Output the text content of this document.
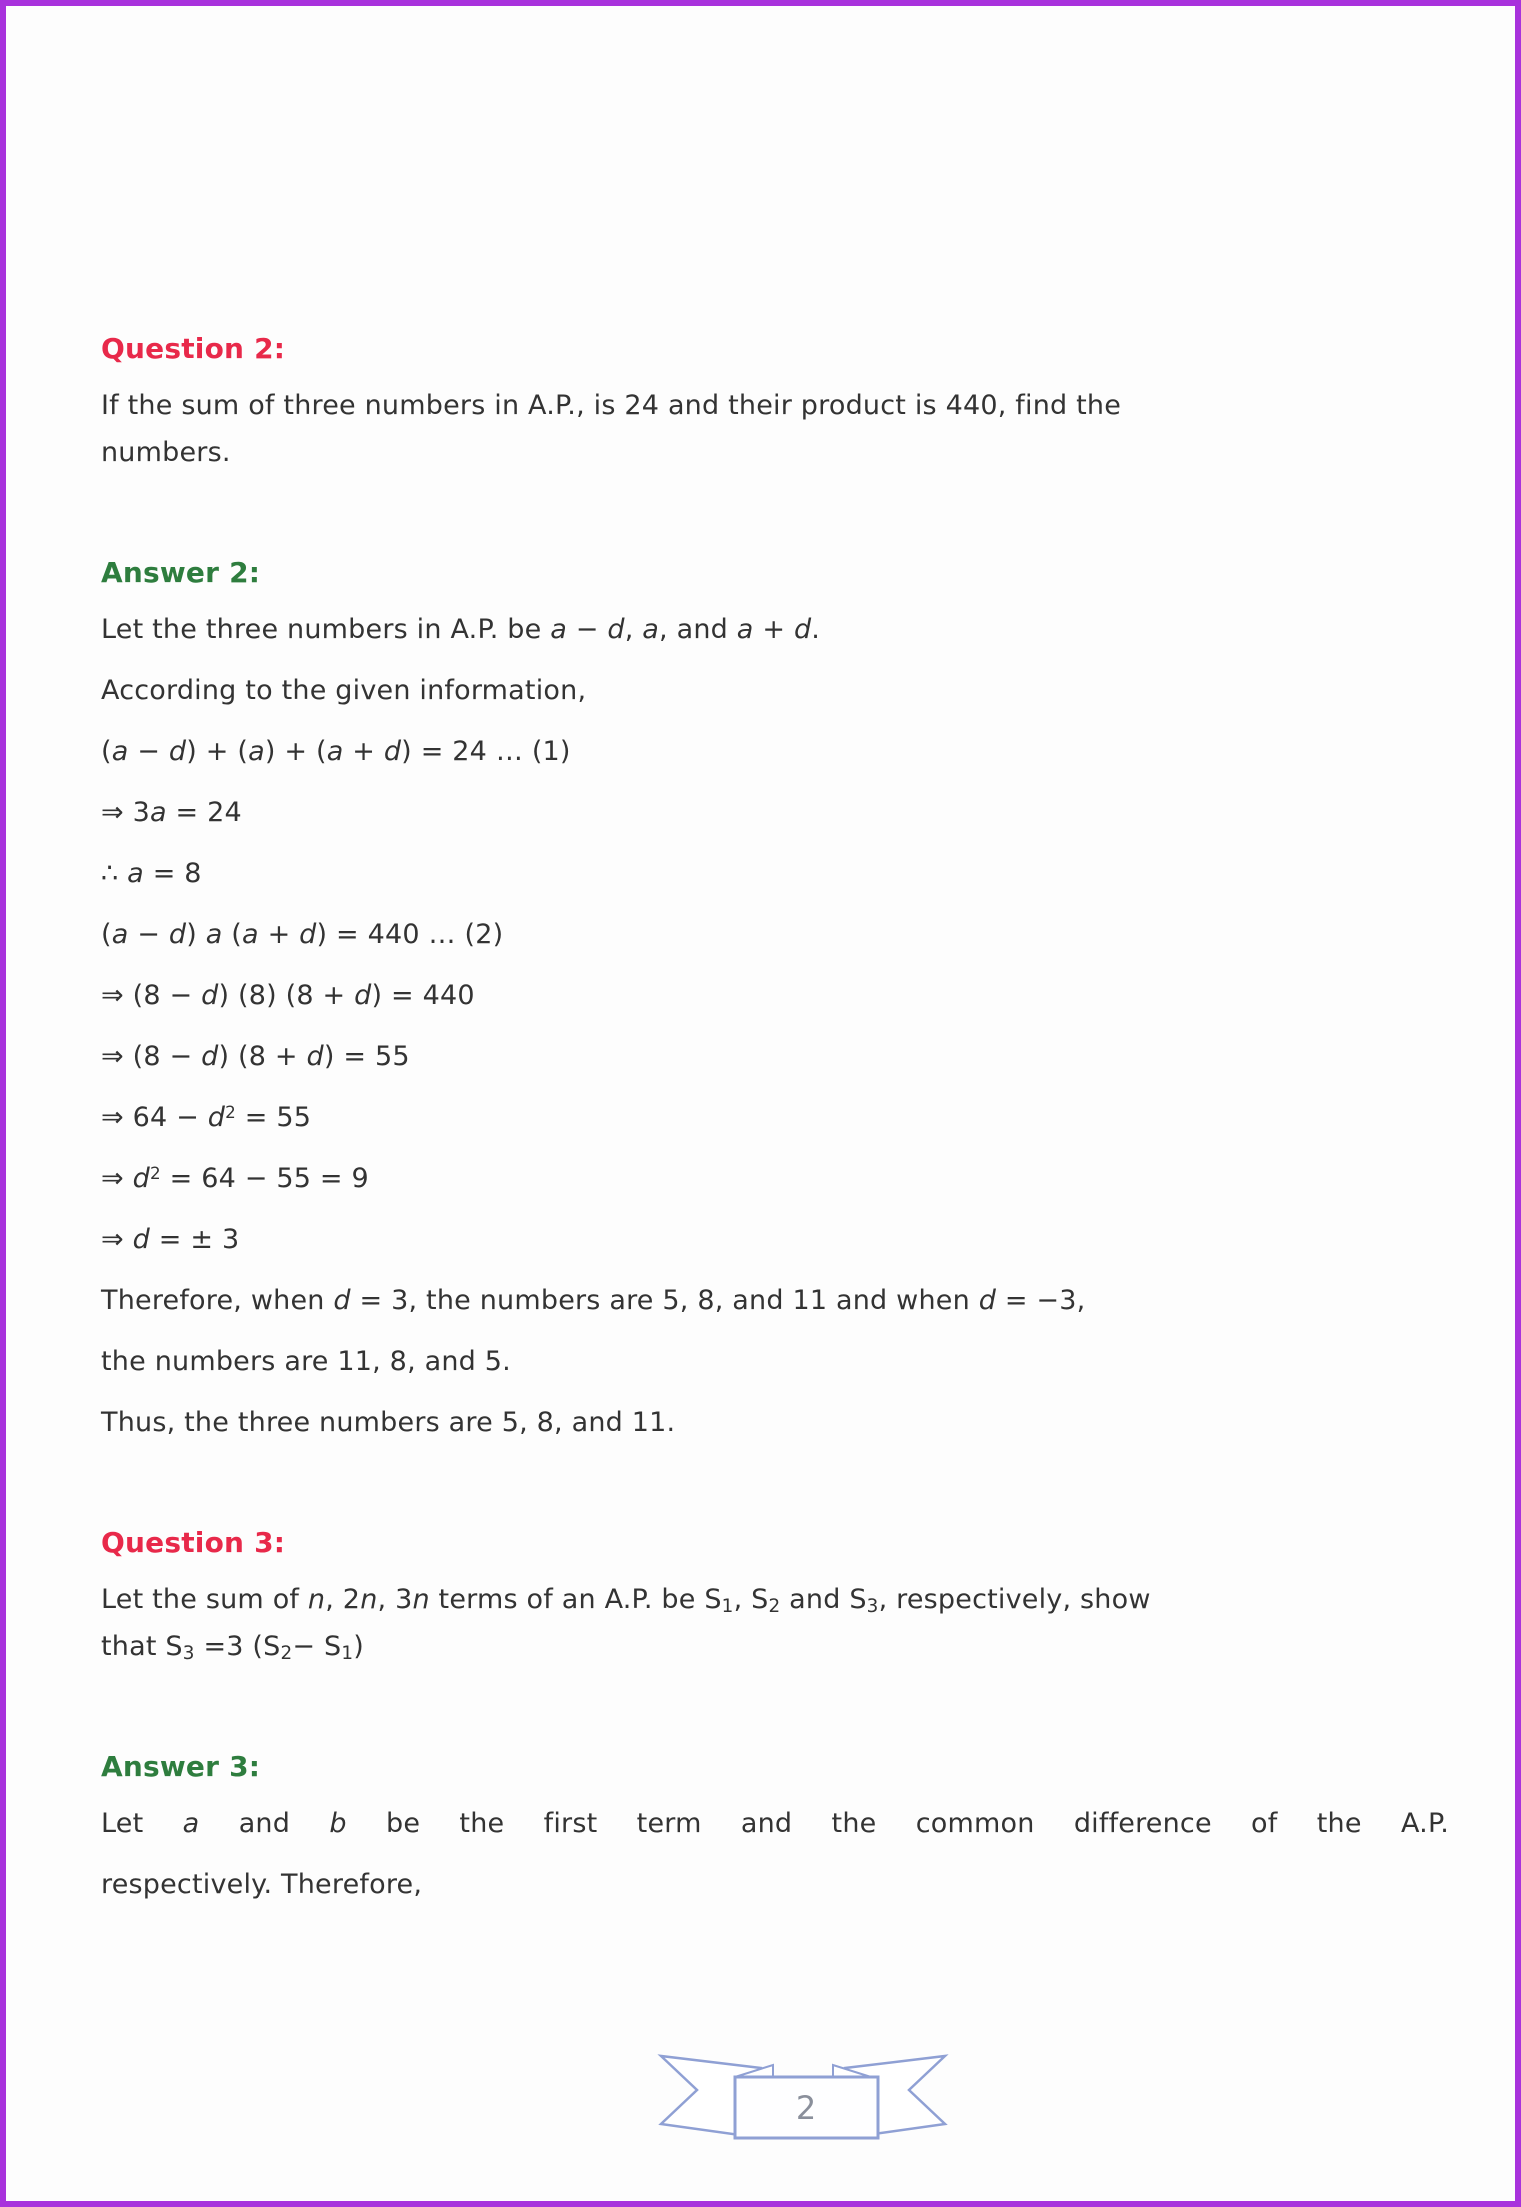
Question 2:
If the sum of three numbers in A.P., is 24 and their product is 440, find the
numbers.
Answer 2:
Let the three numbers in A.P. be a − d, a, and a + d.
According to the given information,
(a − d) + (a) + (a + d) = 24 … (1)
⇒ 3a = 24
∴ a = 8
(a − d) a (a + d) = 440 … (2)
⇒ (8 − d) (8) (8 + d) = 440
⇒ (8 − d) (8 + d) = 55
⇒ $64 - d^2 = 55$
⇒ $d^2 = 64 - 55 = 9$
⇒ d = ± 3
Therefore, when d = 3, the numbers are 5, 8, and 11 and when d = −3,
the numbers are 11, 8, and 5.
Thus, the three numbers are 5, 8, and 11.
Question 3:
Let the sum of n, 2n, 3n terms of an A.P. be $S_1$, $S_2$ and $S_3$, respectively, show
that $S_3 =3$ $(S_2- S_1)$
Answer 3:
Let a and b be the first term and the common difference of the A.P.
respectively. Therefore,
2
